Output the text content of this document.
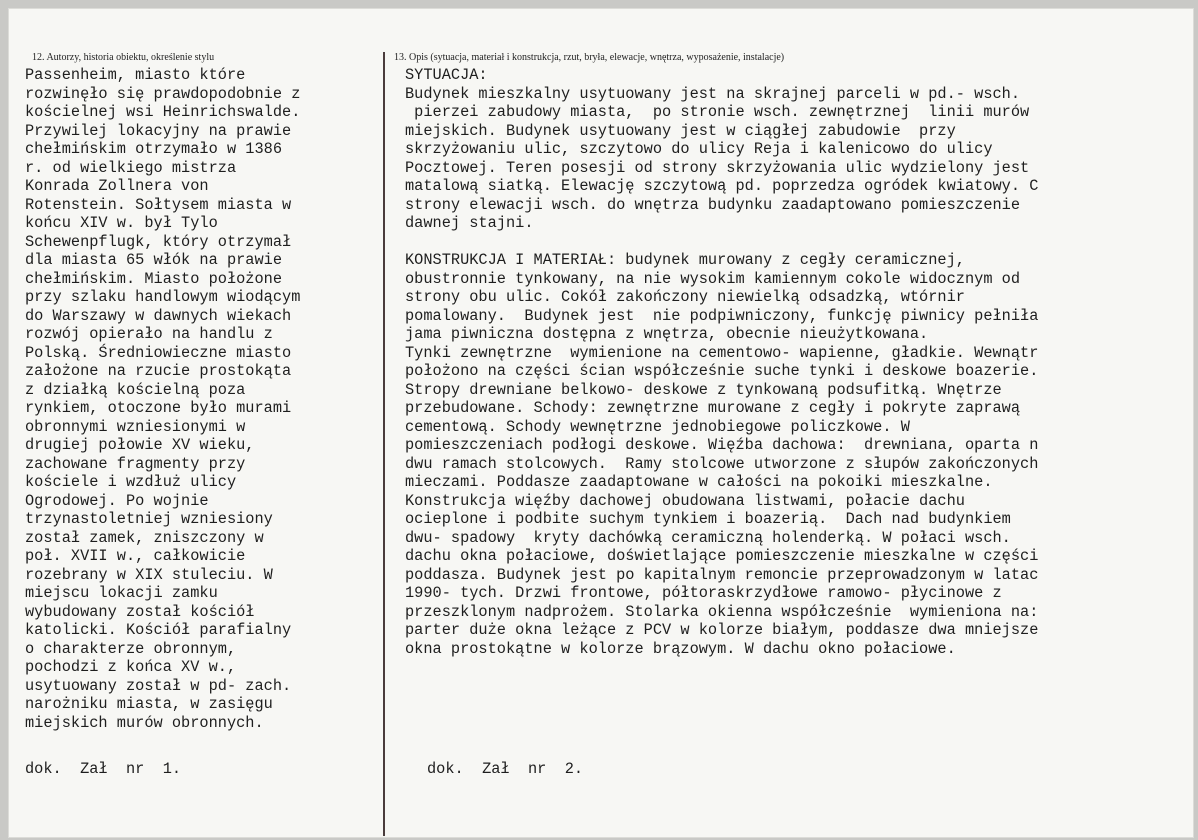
12. Autorzy, historia obiektu, określenie stylu	13. Opis (sytuacja, materiał i konstrukcja, rzut, bryła, elewacje, wnętrza, wyposażenie, instalacje)

Passenheim, miasto które

rozwinęło się prawdopodobnie z

kościelnej wsi Heinrichswalde.

Przywilej lokacyjny na prawie

chełmińskim otrzymało w 1386

r. od wielkiego mistrza

Konrada Zollnera von

Rotenstein. Sołtysem miasta w

końcu XIV w. był Tylo

Schewenpflugk, który otrzymał

dla miasta 65 włók na prawie

chełmińskim. Miasto położone

przy szlaku handlowym wiodącym

do Warszawy w dawnych wiekach

rozwój opierało na handlu z

Polską. Średniowieczne miasto

założone na rzucie prostokąta

z działką kościelną poza

rynkiem, otoczone było murami

obronnymi wzniesionymi w

drugiej połowie XV wieku,

zachowane fragmenty przy

kościele i wzdłuż ulicy

Ogrodowej. Po wojnie

trzynastoletniej wzniesiony

został zamek, zniszczony w

poł. XVII w., całkowicie

rozebrany w XIX stuleciu. W

miejscu lokacji zamku

wybudowany został kościół

katolicki. Kościół parafialny

o charakterze obronnym,

pochodzi z końca XV w.,

usytuowany został w pd- zach.

narożniku miasta, w zasięgu

miejskich murów obronnych.

SYTUACJA:

Budynek mieszkalny usytuowany jest na skrajnej parceli w pd.- wsch.

pierzei zabudowy miasta,  po stronie wsch. zewnętrznej  linii murów

miejskich. Budynek usytuowany jest w ciągłej zabudowie  przy

skrzyżowaniu ulic, szczytowo do ulicy Reja i kalenicowo do ulicy

Pocztowej. Teren posesji od strony skrzyżowania ulic wydzielony jest

matalową siatką. Elewację szczytową pd. poprzedza ogródek kwiatowy. C

strony elewacji wsch. do wnętrza budynku zaadaptowano pomieszczenie

dawnej stajni.

KONSTRUKCJA I MATERIAŁ: budynek murowany z cegły ceramicznej,

obustronnie tynkowany, na nie wysokim kamiennym cokole widocznym od

strony obu ulic. Cokół zakończony niewielką odsadzką, wtórnir

pomalowany.  Budynek jest  nie podpiwniczony, funkcję piwnicy pełniła

jama piwniczna dostępna z wnętrza, obecnie nieużytkowana.

Tynki zewnętrzne  wymienione na cementowo- wapienne, gładkie. Wewnątr

położono na części ścian współcześnie suche tynki i deskowe boazerie.

Stropy drewniane belkowo- deskowe z tynkowaną podsufitką. Wnętrze

przebudowane. Schody: zewnętrzne murowane z cegły i pokryte zaprawą

cementową. Schody wewnętrzne jednobiegowe policzkowe. W

pomieszczeniach podłogi deskowe. Więźba dachowa:  drewniana, oparta n

dwu ramach stolcowych.  Ramy stolcowe utworzone z słupów zakończonych

mieczami. Poddasze zaadaptowane w całości na pokoiki mieszkalne.

Konstrukcja więźby dachowej obudowana listwami, połacie dachu

ocieplone i podbite suchym tynkiem i boazerią.  Dach nad budynkiem

dwu- spadowy  kryty dachówką ceramiczną holenderką. W połaci wsch.

dachu okna połaciowe, doświetlające pomieszczenie mieszkalne w części

poddasza. Budynek jest po kapitalnym remoncie przeprowadzonym w latac

1990- tych. Drzwi frontowe, półtoraskrzydłowe ramowo- płycinowe z

przeszklonym nadprożem. Stolarka okienna współcześnie  wymieniona na:

parter duże okna leżące z PCV w kolorze białym, poddasze dwa mniejsze

okna prostokątne w kolorze brązowym. W dachu okno połaciowe.

dok.  Zał  nr  1.	dok.  Zał  nr  2.
